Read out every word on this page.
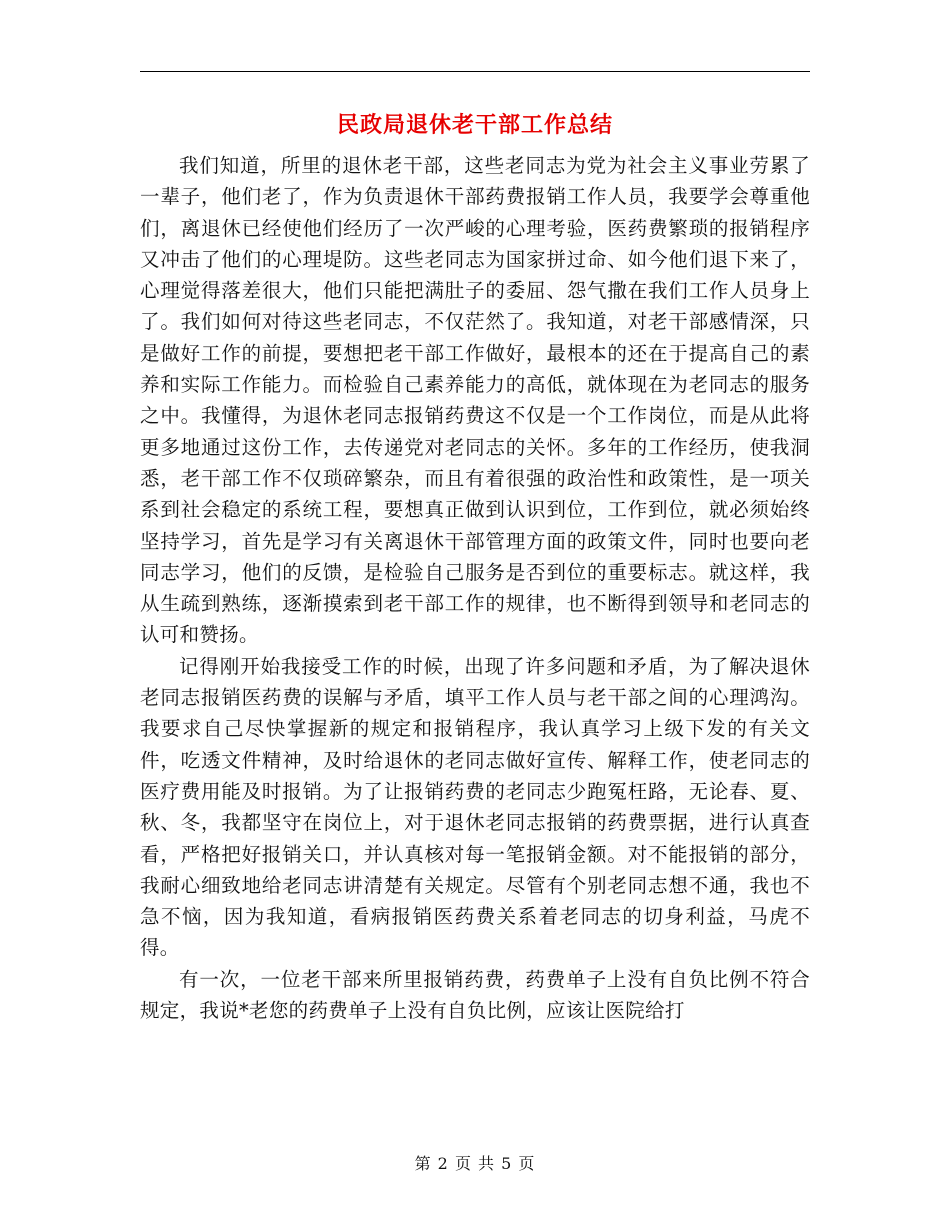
民政局退休老干部工作总结

我们知道，所里的退休老干部，这些老同志为党为社会主义事业劳累了一辈子，他们老了，作为负责退休干部药费报销工作人员，我要学会尊重他们，离退休已经使他们经历了一次严峻的心理考验，医药费繁琐的报销程序又冲击了他们的心理堤防。这些老同志为国家拼过命、如今他们退下来了，心理觉得落差很大，他们只能把满肚子的委屈、怨气撒在我们工作人员身上了。我们如何对待这些老同志，不仅茫然了。我知道，对老干部感情深，只是做好工作的前提，要想把老干部工作做好，最根本的还在于提高自己的素养和实际工作能力。而检验自己素养能力的高低，就体现在为老同志的服务之中。我懂得，为退休老同志报销药费这不仅是一个工作岗位，而是从此将更多地通过这份工作，去传递党对老同志的关怀。多年的工作经历，使我洞悉，老干部工作不仅琐碎繁杂，而且有着很强的政治性和政策性，是一项关系到社会稳定的系统工程，要想真正做到认识到位，工作到位，就必须始终坚持学习，首先是学习有关离退休干部管理方面的政策文件，同时也要向老同志学习，他们的反馈，是检验自己服务是否到位的重要标志。就这样，我从生疏到熟练，逐渐摸索到老干部工作的规律，也不断得到领导和老同志的认可和赞扬。

记得刚开始我接受工作的时候，出现了许多问题和矛盾，为了解决退休老同志报销医药费的误解与矛盾，填平工作人员与老干部之间的心理鸿沟。我要求自己尽快掌握新的规定和报销程序，我认真学习上级下发的有关文件，吃透文件精神，及时给退休的老同志做好宣传、解释工作，使老同志的医疗费用能及时报销。为了让报销药费的老同志少跑冤枉路，无论春、夏、秋、冬，我都坚守在岗位上，对于退休老同志报销的药费票据，进行认真查看，严格把好报销关口，并认真核对每一笔报销金额。对不能报销的部分，我耐心细致地给老同志讲清楚有关规定。尽管有个别老同志想不通，我也不急不恼，因为我知道，看病报销医药费关系着老同志的切身利益，马虎不得。

有一次，一位老干部来所里报销药费，药费单子上没有自负比例不符合规定，我说*老您的药费单子上没有自负比例，应该让医院给打

第 2 页 共 5 页
